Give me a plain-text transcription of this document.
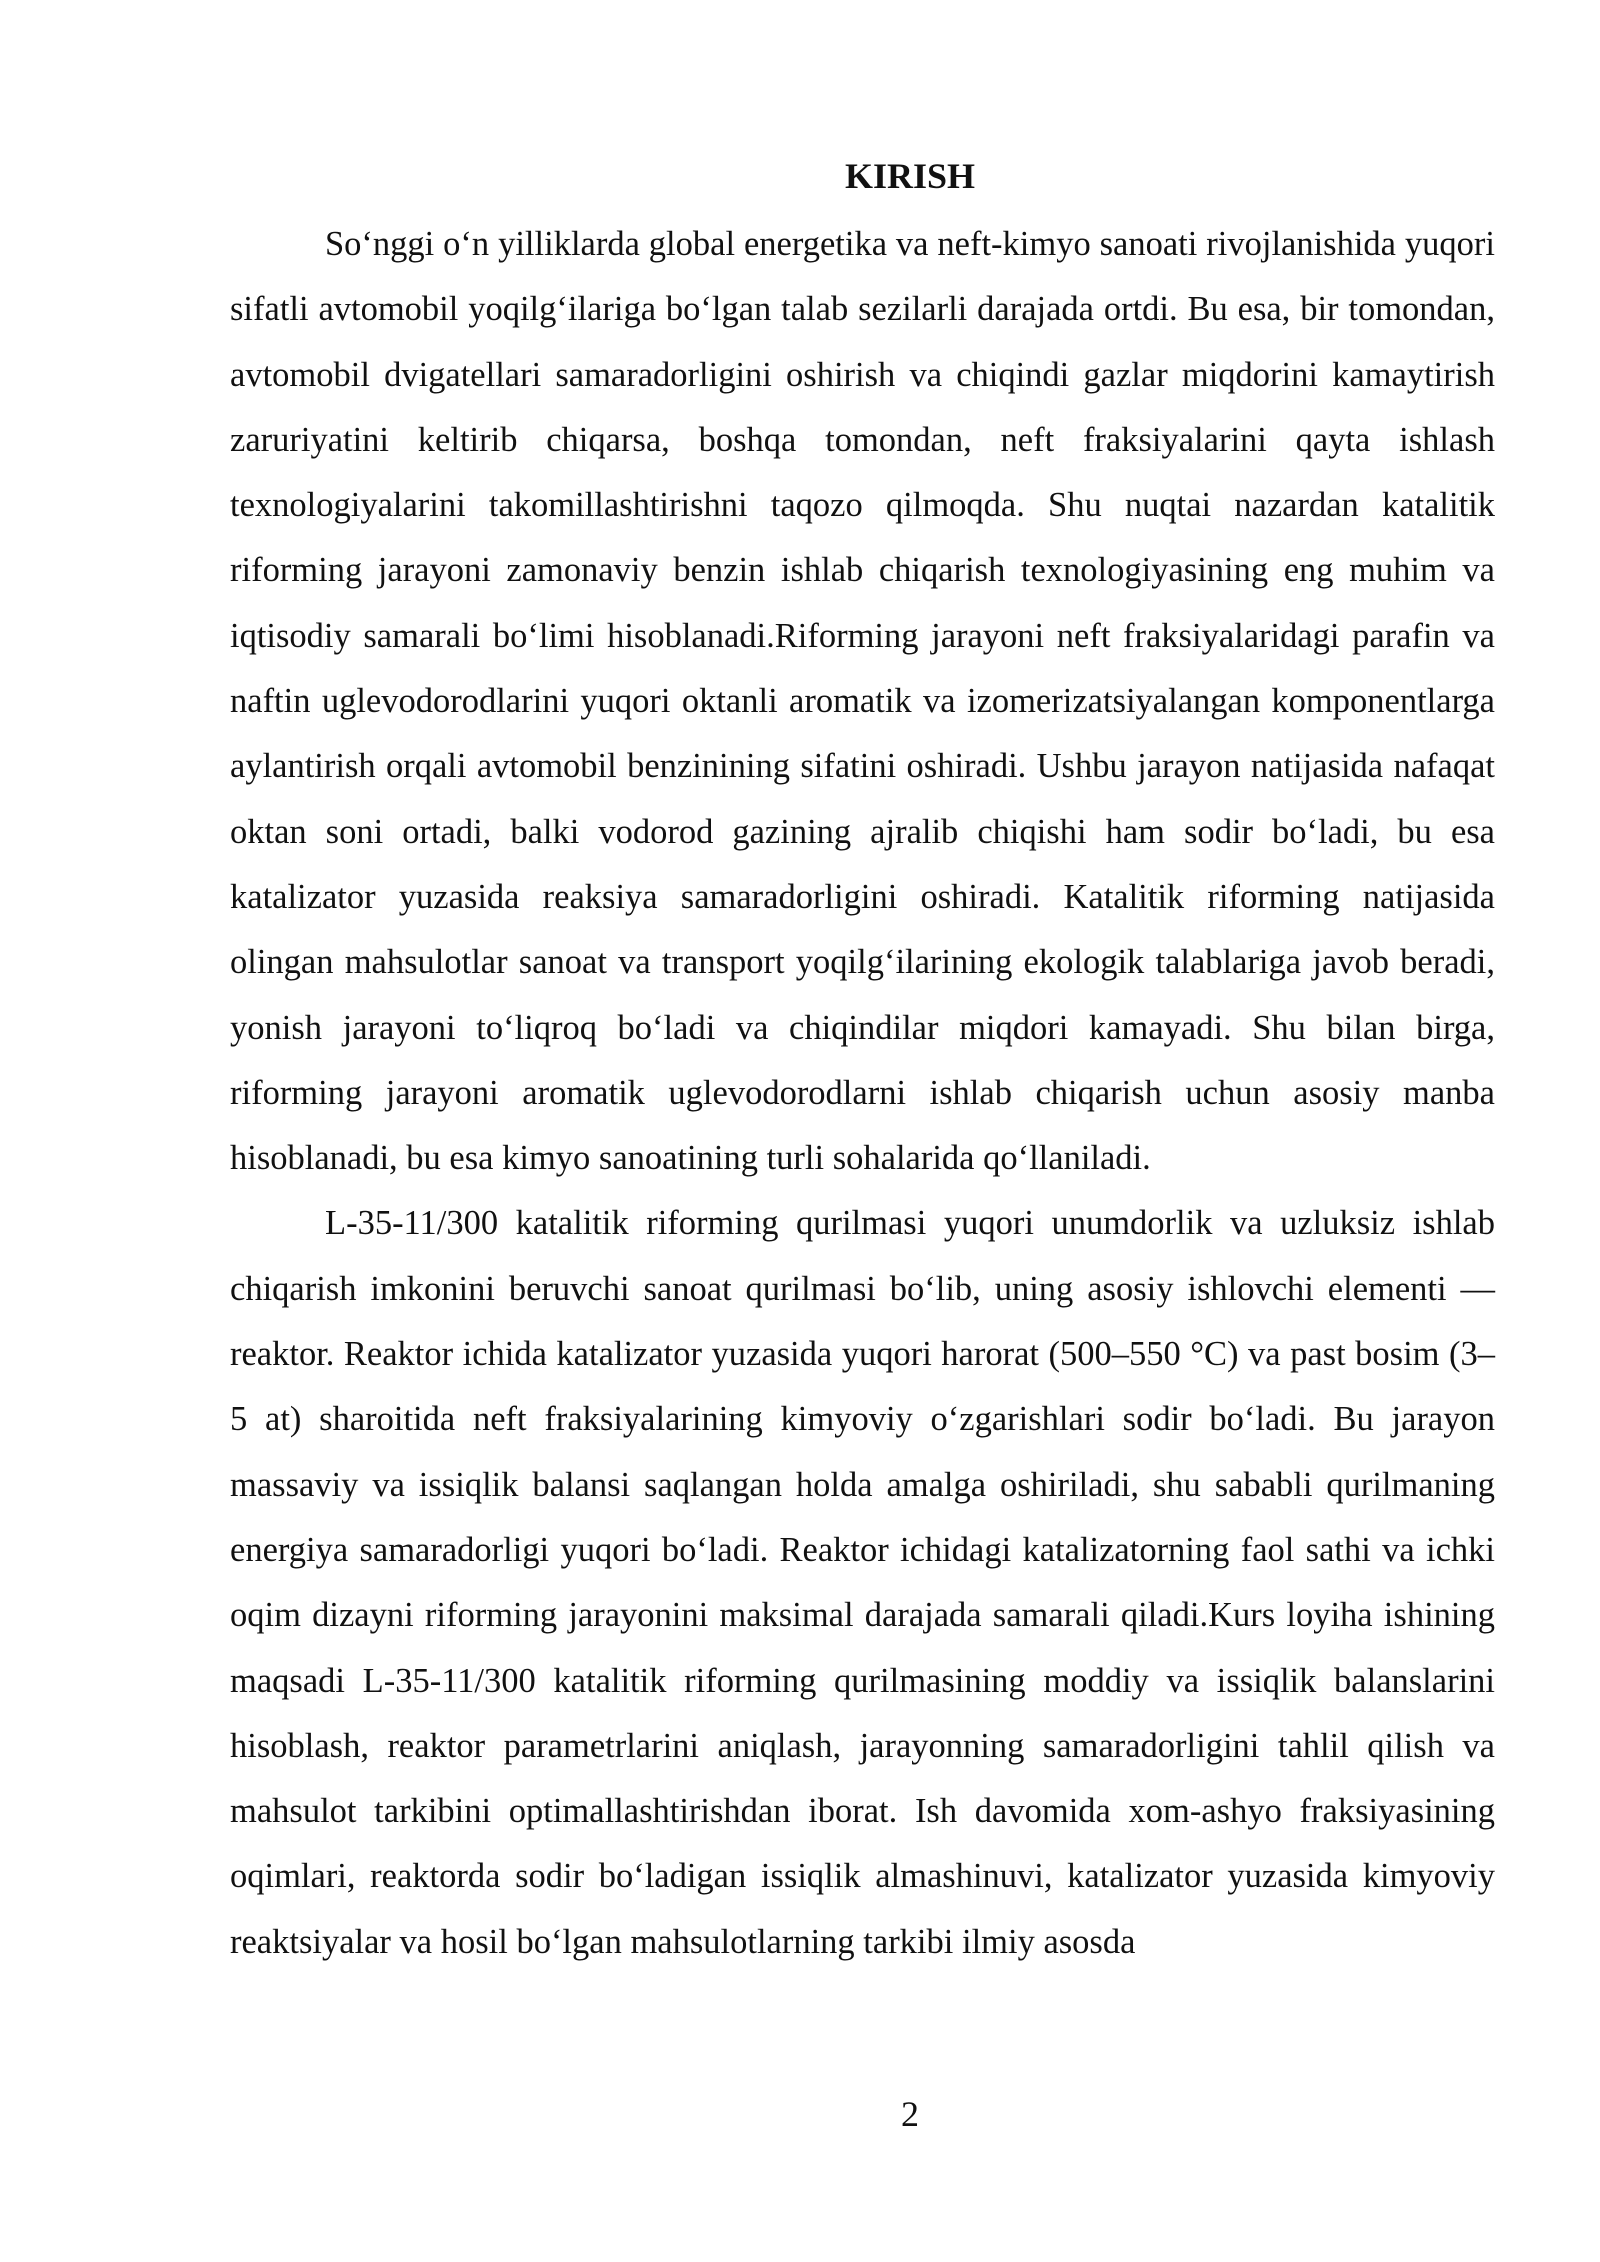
KIRISH

So‘nggi o‘n yilliklarda global energetika va neft-kimyo sanoati rivojlanishida yuqori sifatli avtomobil yoqilg‘ilariga bo‘lgan talab sezilarli darajada ortdi. Bu esa, bir tomondan, avtomobil dvigatellari samaradorligini oshirish va chiqindi gazlar miqdorini kamaytirish zaruriyatini keltirib chiqarsa, boshqa tomondan, neft fraksiyalarini qayta ishlash texnologiyalarini takomillashtirishni taqozo qilmoqda. Shu nuqtai nazardan katalitik riforming jarayoni zamonaviy benzin ishlab chiqarish texnologiyasining eng muhim va iqtisodiy samarali bo‘limi hisoblanadi.Riforming jarayoni neft fraksiyalaridagi parafin va naftin uglevodorodlarini yuqori oktanli aromatik va izomerizatsiyalangan komponentlarga aylantirish orqali avtomobil benzinining sifatini oshiradi. Ushbu jarayon natijasida nafaqat oktan soni ortadi, balki vodorod gazining ajralib chiqishi ham sodir bo‘ladi, bu esa katalizator yuzasida reaksiya samaradorligini oshiradi. Katalitik riforming natijasida olingan mahsulotlar sanoat va transport yoqilg‘ilarining ekologik talablariga javob beradi, yonish jarayoni to‘liqroq bo‘ladi va chiqindilar miqdori kamayadi. Shu bilan birga, riforming jarayoni aromatik uglevodorodlarni ishlab chiqarish uchun asosiy manba hisoblanadi, bu esa kimyo sanoatining turli sohalarida qo‘llaniladi.

L-35-11/300 katalitik riforming qurilmasi yuqori unumdorlik va uzluksiz ishlab chiqarish imkonini beruvchi sanoat qurilmasi bo‘lib, uning asosiy ishlovchi elementi — reaktor. Reaktor ichida katalizator yuzasida yuqori harorat (500–550 °C) va past bosim (3–5 at) sharoitida neft fraksiyalarining kimyoviy o‘zgarishlari sodir bo‘ladi. Bu jarayon massaviy va issiqlik balansi saqlangan holda amalga oshiriladi, shu sababli qurilmaning energiya samaradorligi yuqori bo‘ladi. Reaktor ichidagi katalizatorning faol sathi va ichki oqim dizayni riforming jarayonini maksimal darajada samarali qiladi.Kurs loyiha ishining maqsadi L-35-11/300 katalitik riforming qurilmasining moddiy va issiqlik balanslarini hisoblash, reaktor parametrlarini aniqlash, jarayonning samaradorligini tahlil qilish va mahsulot tarkibini optimallashtirishdan iborat. Ish davomida xom-ashyo fraksiyasining oqimlari, reaktorda sodir bo‘ladigan issiqlik almashinuvi, katalizator yuzasida kimyoviy reaktsiyalar va hosil bo‘lgan mahsulotlarning tarkibi ilmiy asosda

2
